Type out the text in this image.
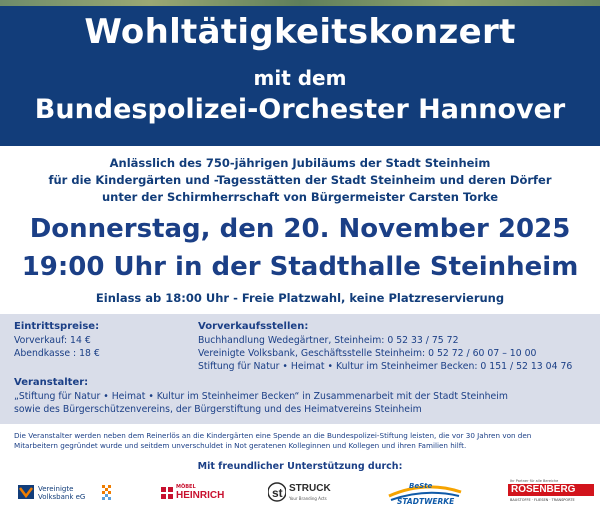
Wohltätigkeitskonzert
mit dem
Bundespolizei-Orchester Hannover
Anlässlich des 750-jährigen Jubiläums der Stadt Steinheim
für die Kindergärten und -Tagesstätten der Stadt Steinheim und deren Dörfer
unter der Schirmherrschaft von Bürgermeister Carsten Torke
Donnerstag, den 20. November 2025
19:00 Uhr in der Stadthalle Steinheim
Einlass ab 18:00 Uhr - Freie Platzwahl, keine Platzreservierung
Eintrittspreise:
Vorverkauf: 14 €
Abendkasse : 18 €
Vorverkaufsstellen:
Buchhandlung Wedegärtner, Steinheim: 0 52 33 / 75 72
Vereinigte Volksbank, Geschäftsstelle Steinheim: 0 52 72 / 60 07 – 10 00
Stiftung für Natur • Heimat • Kultur im Steinheimer Becken: 0 151 / 52 13 04 76
Veranstalter:
„Stiftung für Natur • Heimat • Kultur im Steinheimer Becken“ in Zusammenarbeit mit der Stadt Steinheim
sowie des Bürgerschützenvereins, der Bürgerstiftung und des Heimatvereins Steinheim
Die Veranstalter werden neben dem Reinerlös an die Kindergärten eine Spende an die Bundespolizei-Stiftung leisten, die vor 30 Jahren von den
Mitarbeitern gegründet wurde und seitdem unverschuldet in Not geratenen Kolleginnen und Kollegen und ihren Familien hilft.
Mit freundlicher Unterstützung durch:
Vereinigte
Volksbank eG
MÖBEL
HEINRICH	st STRUCK
Your Branding Acts
BeSte
STADTWERKE
Ihr Partner für alle Bereiche
RÖSENBERG
BAUSTOFFE · FLIESEN · TRANSPORTE
